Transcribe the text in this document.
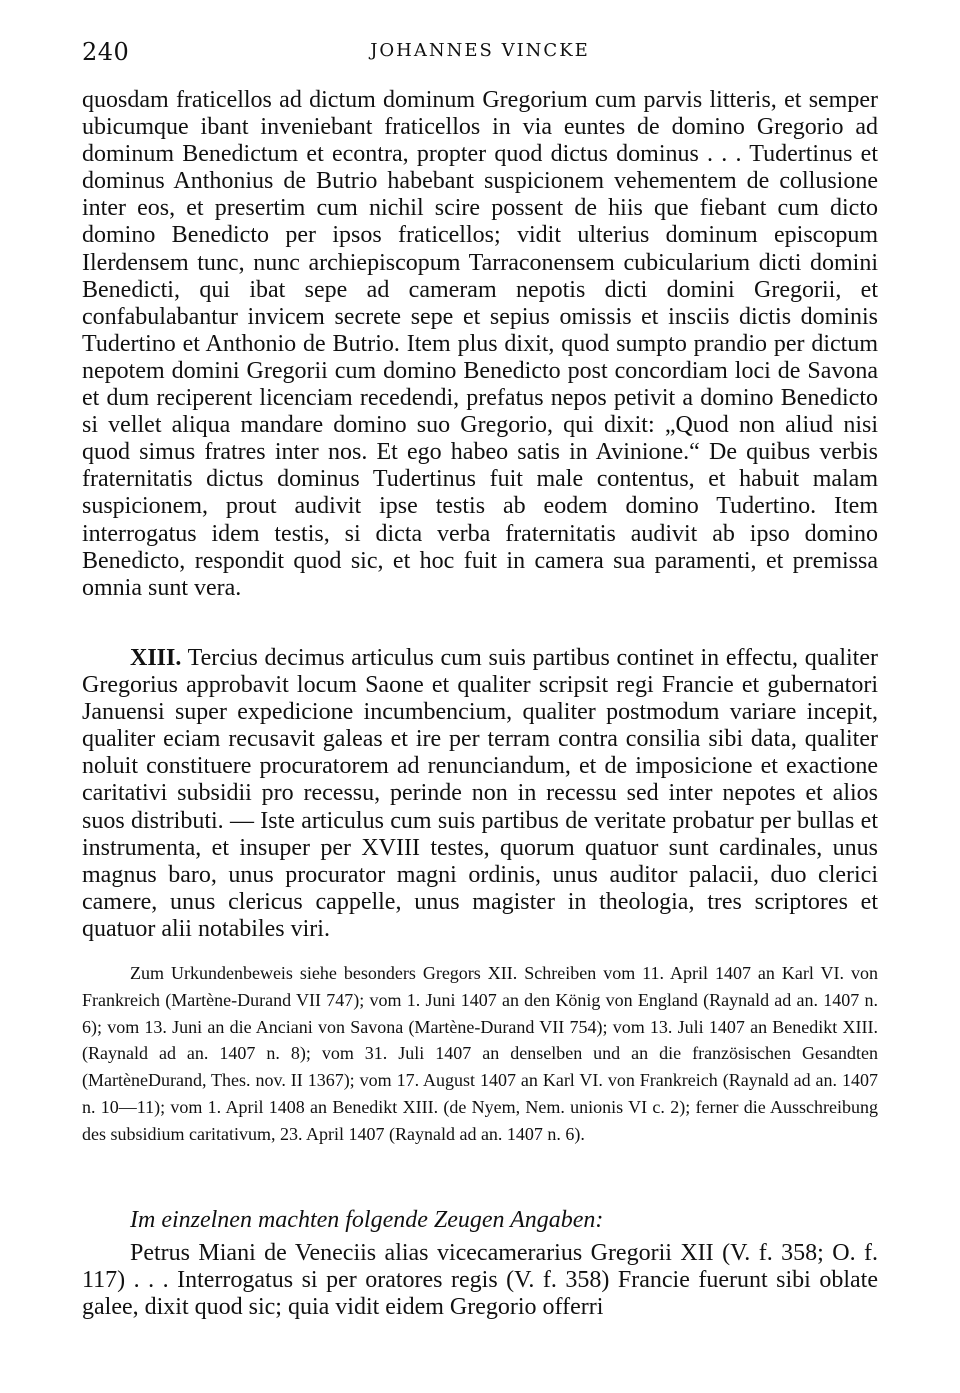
240	JOHANNES VINCKE

quosdam fraticellos ad dictum dominum Gregorium cum parvis litteris, et semper ubicumque ibant inveniebant fraticellos in via euntes de domino Gregorio ad dominum Benedictum et econtra, propter quod dictus dominus . . . Tudertinus et dominus Anthonius de Butrio habebant suspicionem vehementem de collusione inter eos, et presertim cum nichil scire possent de hiis que fiebant cum dicto domino Benedicto per ipsos fraticellos; vidit ulterius dominum episcopum Ilerdensem tunc, nunc archiepiscopum Tarraconensem cubicularium dicti domini Benedicti, qui ibat sepe ad cameram nepotis dicti domini Gregorii, et confabulabantur invicem secrete sepe et sepius omissis et insciis dictis dominis Tudertino et Anthonio de Butrio. Item plus dixit, quod sumpto prandio per dictum nepotem domini Gregorii cum domino Benedicto post concordiam loci de Savona et dum reciperent licenciam recedendi, prefatus nepos petivit a domino Benedicto si vellet aliqua mandare domino suo Gregorio, qui dixit: „Quod non aliud nisi quod simus fratres inter nos. Et ego habeo satis in Avinione.“ De quibus verbis fraternitatis dictus dominus Tudertinus fuit male contentus, et habuit malam suspicionem, prout audivit ipse testis ab eodem domino Tudertino. Item interrogatus idem testis, si dicta verba fraternitatis audivit ab ipso domino Benedicto, respondit quod sic, et hoc fuit in camera sua paramenti, et premissa omnia sunt vera.

XIII. Tercius decimus articulus cum suis partibus continet in effectu, qualiter Gregorius approbavit locum Saone et qualiter scripsit regi Francie et gubernatori Januensi super expedicione incumbencium, qualiter postmodum variare incepit, qualiter eciam recusavit galeas et ire per terram contra consilia sibi data, qualiter noluit constituere procuratorem ad renunciandum, et de imposicione et exactione caritativi subsidii pro recessu, perinde non in recessu sed inter nepotes et alios suos distributi. — Iste articulus cum suis partibus de veritate probatur per bullas et instrumenta, et insuper per XVIII testes, quorum quatuor sunt cardinales, unus magnus baro, unus procurator magni ordinis, unus auditor palacii, duo clerici camere, unus clericus cappelle, unus magister in theologia, tres scriptores et quatuor alii notabiles viri.

Zum Urkundenbeweis siehe besonders Gregors XII. Schreiben vom 11. April 1407 an Karl VI. von Frankreich (Martène-Durand VII 747); vom 1. Juni 1407 an den König von England (Raynald ad an. 1407 n. 6); vom 13. Juni an die Anciani von Savona (Martène-Durand VII 754); vom 13. Juli 1407 an Benedikt XIII. (Raynald ad an. 1407 n. 8); vom 31. Juli 1407 an denselben und an die französischen Gesandten (MartèneDurand, Thes. nov. II 1367); vom 17. August 1407 an Karl VI. von Frankreich (Raynald ad an. 1407 n. 10—11); vom 1. April 1408 an Benedikt XIII. (de Nyem, Nem. unionis VI c. 2); ferner die Ausschreibung des subsidium caritativum, 23. April 1407 (Raynald ad an. 1407 n. 6).

Im einzelnen machten folgende Zeugen Angaben:

Petrus Miani de Veneciis alias vicecamerarius Gregorii XII (V. f. 358; O. f. 117) . . . Interrogatus si per oratores regis (V. f. 358) Francie fuerunt sibi oblate galee, dixit quod sic; quia vidit eidem Gregorio offerri
